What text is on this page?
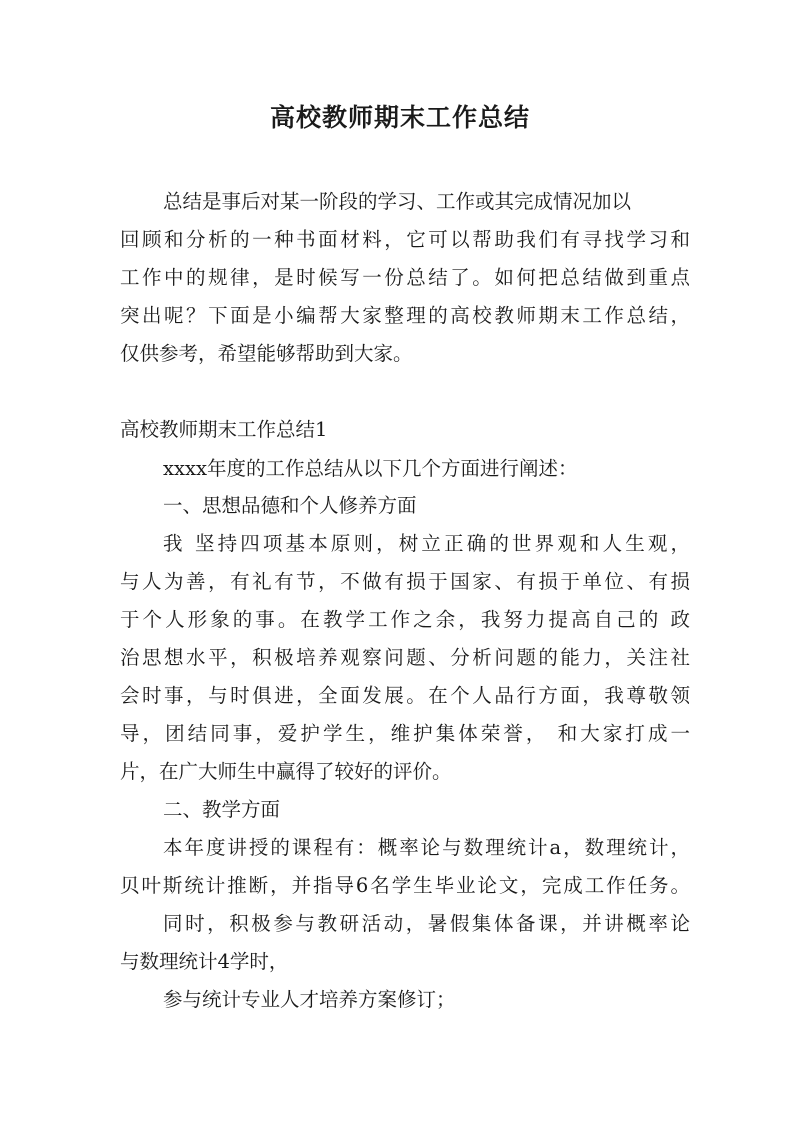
高校教师期末工作总结

总结是事后对某一阶段的学习、工作或其完成情况加以

回顾和分析的一种书面材料，它可以帮助我们有寻找学习和

工作中的规律，是时候写一份总结了。如何把总结做到重点

突出呢？下面是小编帮大家整理的高校教师期末工作总结，

仅供参考，希望能够帮助到大家。

高校教师期末工作总结1

xxxx年度的工作总结从以下几个方面进行阐述：

一、思想品德和个人修养方面

我 坚持四项基本原则，树立正确的世界观和人生观，

与人为善，有礼有节，不做有损于国家、有损于单位、有损

于个人形象的事。在教学工作之余，我努力提高自己的 政

治思想水平，积极培养观察问题、分析问题的能力，关注社

会时事，与时俱进，全面发展。在个人品行方面，我尊敬领

导，团结同事，爱护学生，维护集体荣誉， 和大家打成一

片，在广大师生中赢得了较好的评价。

二、教学方面

本年度讲授的课程有：概率论与数理统计a，数理统计，

贝叶斯统计推断，并指导6名学生毕业论文，完成工作任务。

同时，积极参与教研活动，暑假集体备课，并讲概率论

与数理统计4学时，

参与统计专业人才培养方案修订；
